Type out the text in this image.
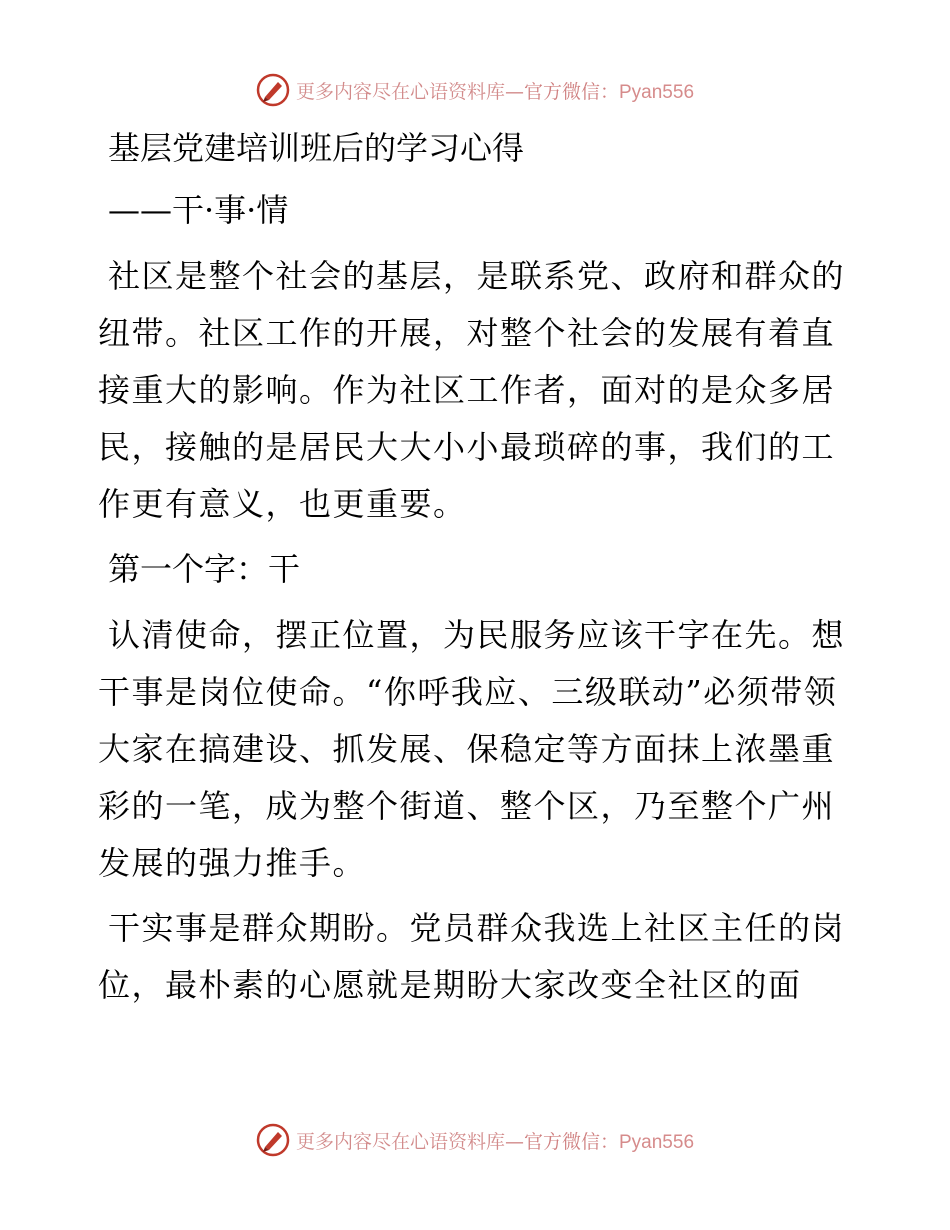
更多内容尽在心语资料库—官方微信：Pyan556
基层党建培训班后的学习心得
——干·事·情

社区是整个社会的基层，是联系党、政府和群众的纽带。社区工作的开展，对整个社会的发展有着直接重大的影响。作为社区工作者，面对的是众多居民，接触的是居民大大小小最琐碎的事，我们的工作更有意义，也更重要。

第一个字：干

认清使命，摆正位置，为民服务应该干字在先。想干事是岗位使命。“你呼我应、三级联动”必须带领大家在搞建设、抓发展、保稳定等方面抹上浓墨重彩的一笔，成为整个街道、整个区，乃至整个广州发展的强力推手。

干实事是群众期盼。党员群众我选上社区主任的岗位，最朴素的心愿就是期盼大家改变全社区的面

更多内容尽在心语资料库—官方微信：Pyan556
